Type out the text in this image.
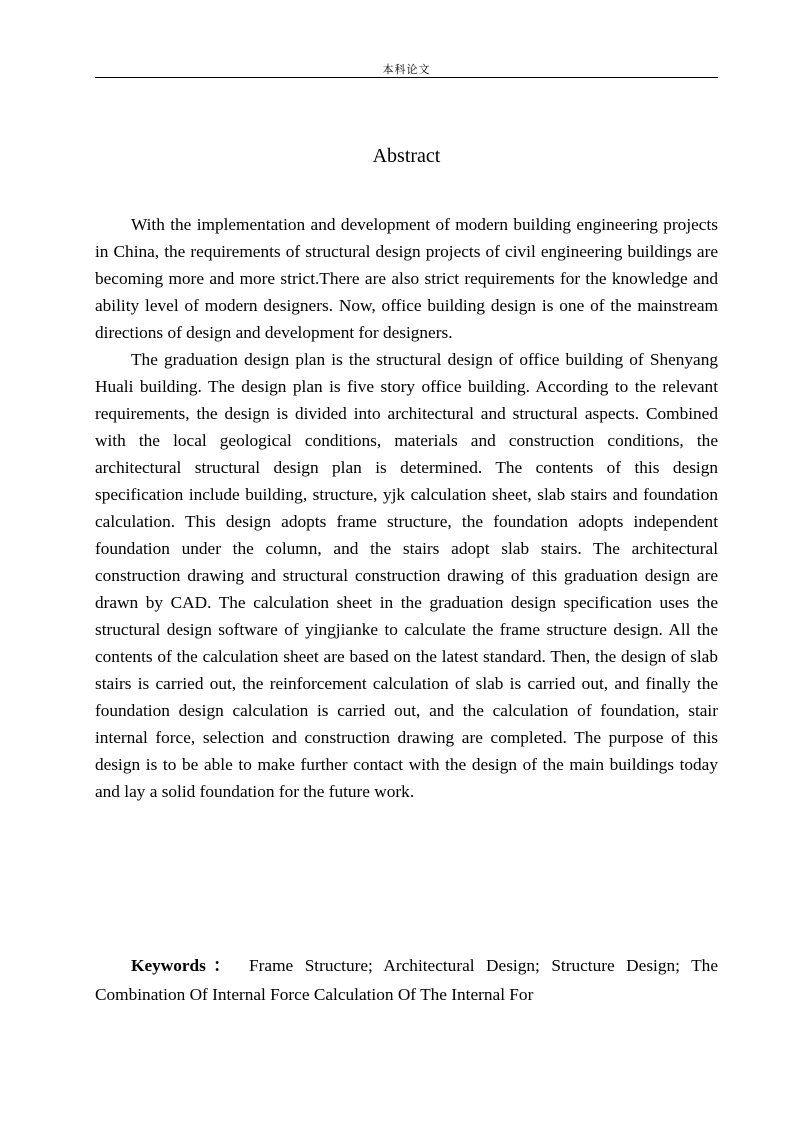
本科论文
Abstract

With the implementation and development of modern building engineering projects in China, the requirements of structural design projects of civil engineering buildings are becoming more and more strict.There are also strict requirements for the knowledge and ability level of modern designers. Now, office building design is one of the mainstream directions of design and development for designers.

The graduation design plan is the structural design of office building of Shenyang Huali building. The design plan is five story office building. According to the relevant requirements, the design is divided into architectural and structural aspects. Combined with the local geological conditions, materials and construction conditions, the architectural structural design plan is determined. The contents of this design specification include building, structure, yjk calculation sheet, slab stairs and foundation calculation. This design adopts frame structure, the foundation adopts independent foundation under the column, and the stairs adopt slab stairs. The architectural construction drawing and structural construction drawing of this graduation design are drawn by CAD. The calculation sheet in the graduation design specification uses the structural design software of yingjianke to calculate the frame structure design. All the contents of the calculation sheet are based on the latest standard. Then, the design of slab stairs is carried out, the reinforcement calculation of slab is carried out, and finally the foundation design calculation is carried out, and the calculation of foundation, stair internal force, selection and construction drawing are completed. The purpose of this design is to be able to make further contact with the design of the main buildings today and lay a solid foundation for the future work.

Keywords： Frame Structure; Architectural Design; Structure Design; The Combination Of Internal Force Calculation Of The Internal For
